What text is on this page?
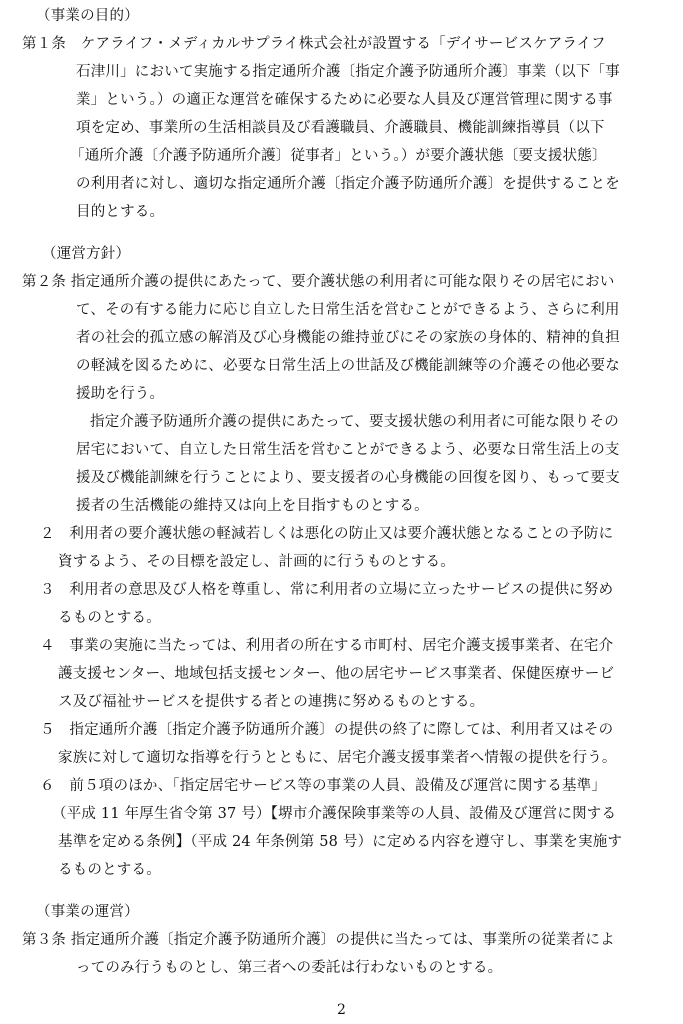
（事業の目的）
第１条　ケアライフ・メディカルサプライ株式会社が設置する「デイサービスケアライフ
石津川」において実施する指定通所介護〔指定介護予防通所介護〕事業（以下「事
業」という。）の適正な運営を確保するために必要な人員及び運営管理に関する事
項を定め、事業所の生活相談員及び看護職員、介護職員、機能訓練指導員（以下
「通所介護〔介護予防通所介護〕従事者」という。）が要介護状態〔要支援状態〕
の利用者に対し、適切な指定通所介護〔指定介護予防通所介護〕を提供することを
目的とする。
（運営方針）
第２条 指定通所介護の提供にあたって、要介護状態の利用者に可能な限りその居宅におい
て、その有する能力に応じ自立した日常生活を営むことができるよう、さらに利用
者の社会的孤立感の解消及び心身機能の維持並びにその家族の身体的、精神的負担
の軽減を図るために、必要な日常生活上の世話及び機能訓練等の介護その他必要な
援助を行う。
指定介護予防通所介護の提供にあたって、要支援状態の利用者に可能な限りその
居宅において、自立した日常生活を営むことができるよう、必要な日常生活上の支
援及び機能訓練を行うことにより、要支援者の心身機能の回復を図り、もって要支
援者の生活機能の維持又は向上を目指すものとする。
２　利用者の要介護状態の軽減若しくは悪化の防止又は要介護状態となることの予防に
資するよう、その目標を設定し、計画的に行うものとする。
３　利用者の意思及び人格を尊重し、常に利用者の立場に立ったサービスの提供に努め
るものとする。
４　事業の実施に当たっては、利用者の所在する市町村、居宅介護支援事業者、在宅介
護支援センター、地域包括支援センター、他の居宅サービス事業者、保健医療サービ
ス及び福祉サービスを提供する者との連携に努めるものとする。
５　指定通所介護〔指定介護予防通所介護〕の提供の終了に際しては、利用者又はその
家族に対して適切な指導を行うとともに、居宅介護支援事業者へ情報の提供を行う。
６　前５項のほか、「指定居宅サービス等の事業の人員、設備及び運営に関する基準」
（平成 11 年厚生省令第 37 号）【堺市介護保険事業等の人員、設備及び運営に関する
基準を定める条例】（平成 24 年条例第 58 号）に定める内容を遵守し、事業を実施す
るものとする。
（事業の運営）
第３条 指定通所介護〔指定介護予防通所介護〕の提供に当たっては、事業所の従業者によ
ってのみ行うものとし、第三者への委託は行わないものとする。
2
